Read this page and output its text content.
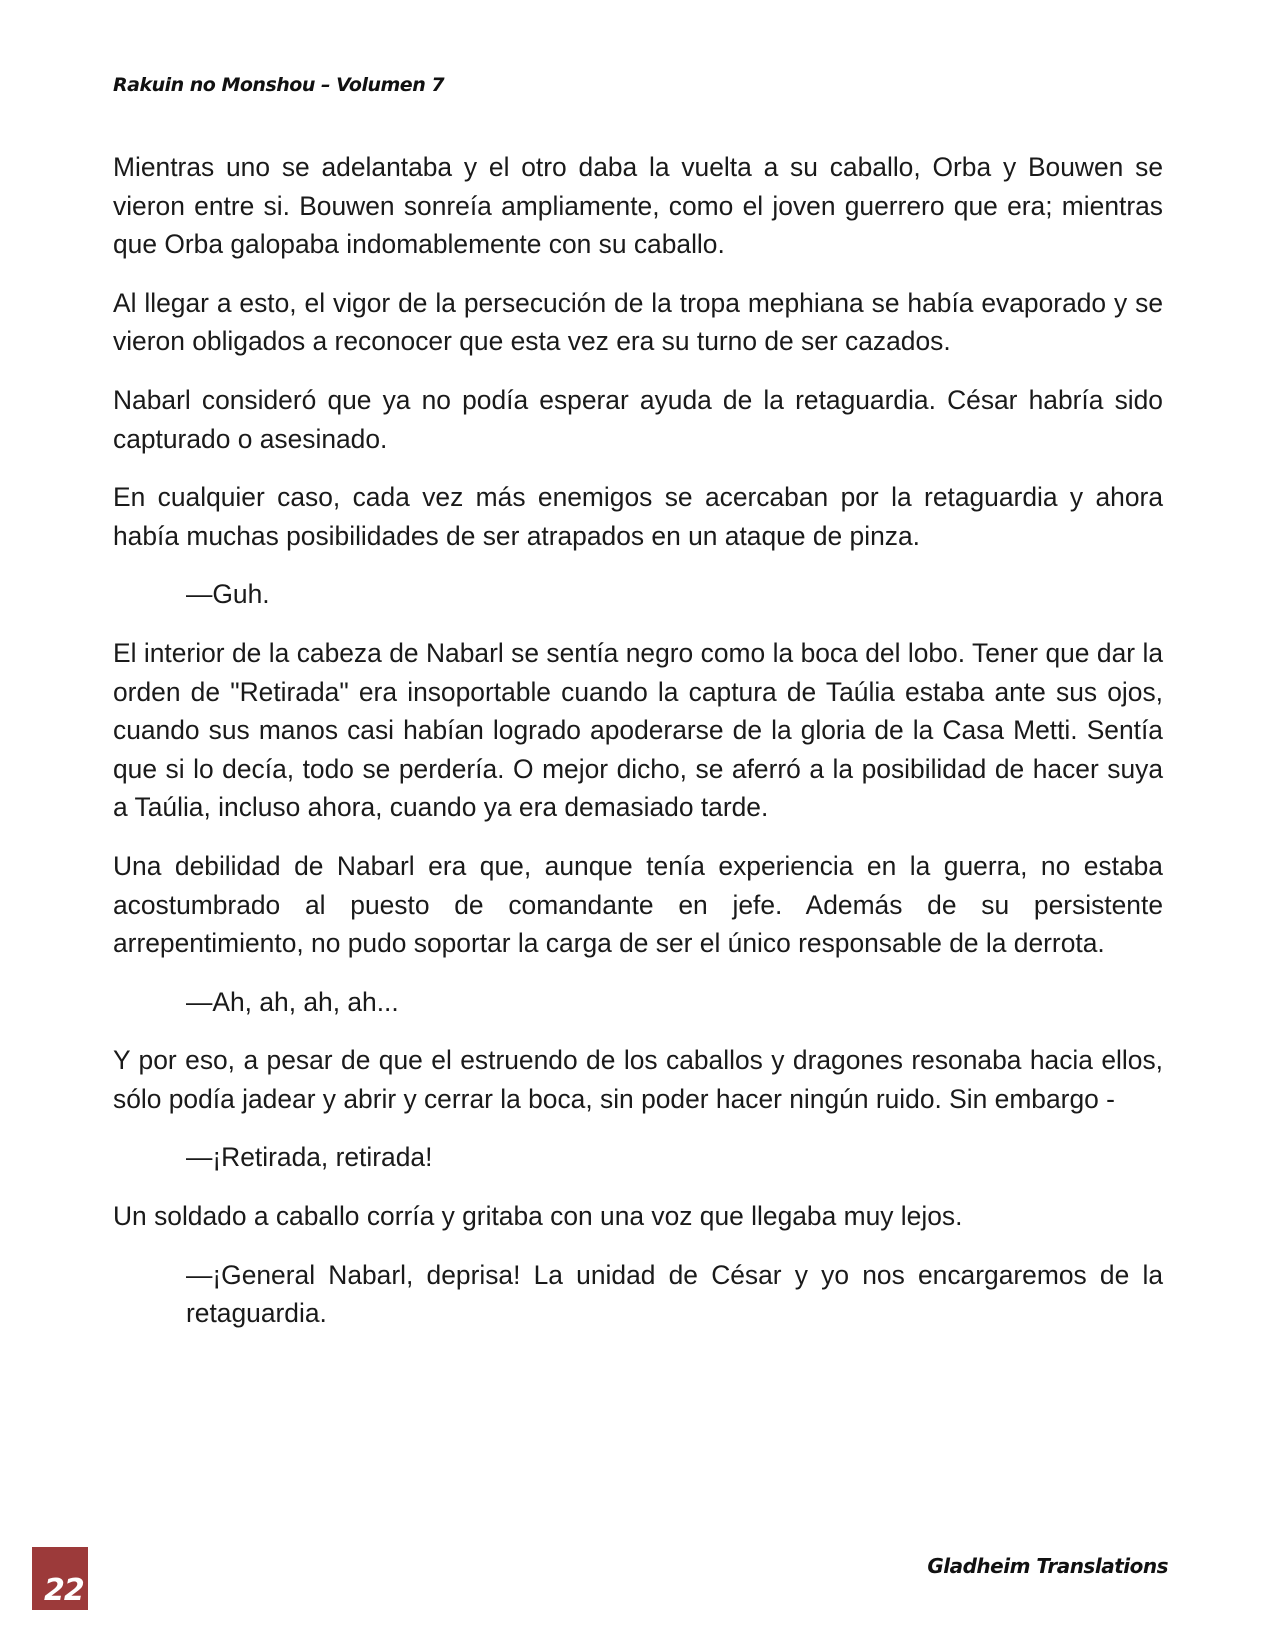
Rakuin no Monshou – Volumen 7

Mientras uno se adelantaba y el otro daba la vuelta a su caballo, Orba y Bouwen se vieron entre si. Bouwen sonreía ampliamente, como el joven guerrero que era; mientras que Orba galopaba indomablemente con su caballo.

Al llegar a esto, el vigor de la persecución de la tropa mephiana se había evaporado y se vieron obligados a reconocer que esta vez era su turno de ser cazados.

Nabarl consideró que ya no podía esperar ayuda de la retaguardia. César habría sido capturado o asesinado.

En cualquier caso, cada vez más enemigos se acercaban por la retaguardia y ahora había muchas posibilidades de ser atrapados en un ataque de pinza.

—Guh.

El interior de la cabeza de Nabarl se sentía negro como la boca del lobo. Tener que dar la orden de "Retirada" era insoportable cuando la captura de Taúlia estaba ante sus ojos, cuando sus manos casi habían logrado apoderarse de la gloria de la Casa Metti. Sentía que si lo decía, todo se perdería. O mejor dicho, se aferró a la posibilidad de hacer suya a Taúlia, incluso ahora, cuando ya era demasiado tarde.

Una debilidad de Nabarl era que, aunque tenía experiencia en la guerra, no estaba acostumbrado al puesto de comandante en jefe. Además de su persistente arrepentimiento, no pudo soportar la carga de ser el único responsable de la derrota.

—Ah, ah, ah, ah...

Y por eso, a pesar de que el estruendo de los caballos y dragones resonaba hacia ellos, sólo podía jadear y abrir y cerrar la boca, sin poder hacer ningún ruido. Sin embargo -

—¡Retirada, retirada!

Un soldado a caballo corría y gritaba con una voz que llegaba muy lejos.

—¡General Nabarl, deprisa! La unidad de César y yo nos encargaremos de la retaguardia.

22
Gladheim Translations
